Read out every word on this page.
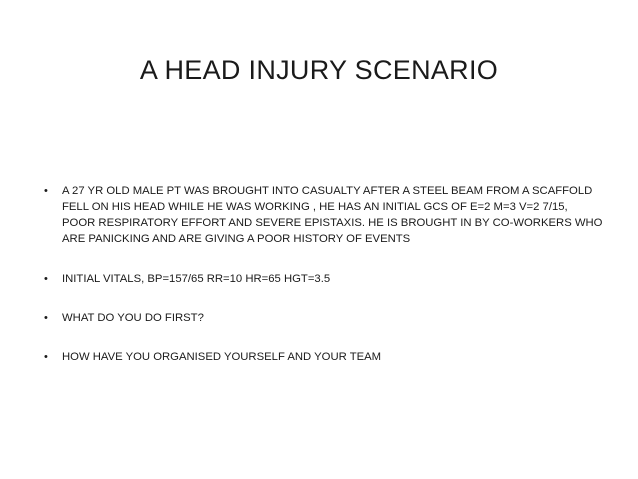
A HEAD INJURY SCENARIO
• A 27 YR OLD MALE PT WAS BROUGHT INTO CASUALTY AFTER A STEEL BEAM FROM A SCAFFOLD FELL ON HIS HEAD WHILE HE WAS WORKING , HE HAS AN INITIAL GCS OF E=2 M=3 V=2 7/15, POOR RESPIRATORY EFFORT AND SEVERE EPISTAXIS. HE IS BROUGHT IN BY CO-WORKERS WHO ARE PANICKING AND ARE GIVING A POOR HISTORY OF EVENTS
• INITIAL VITALS, BP=157/65 RR=10 HR=65 HGT=3.5
• WHAT DO YOU DO FIRST?
• HOW HAVE YOU ORGANISED YOURSELF AND YOUR TEAM
